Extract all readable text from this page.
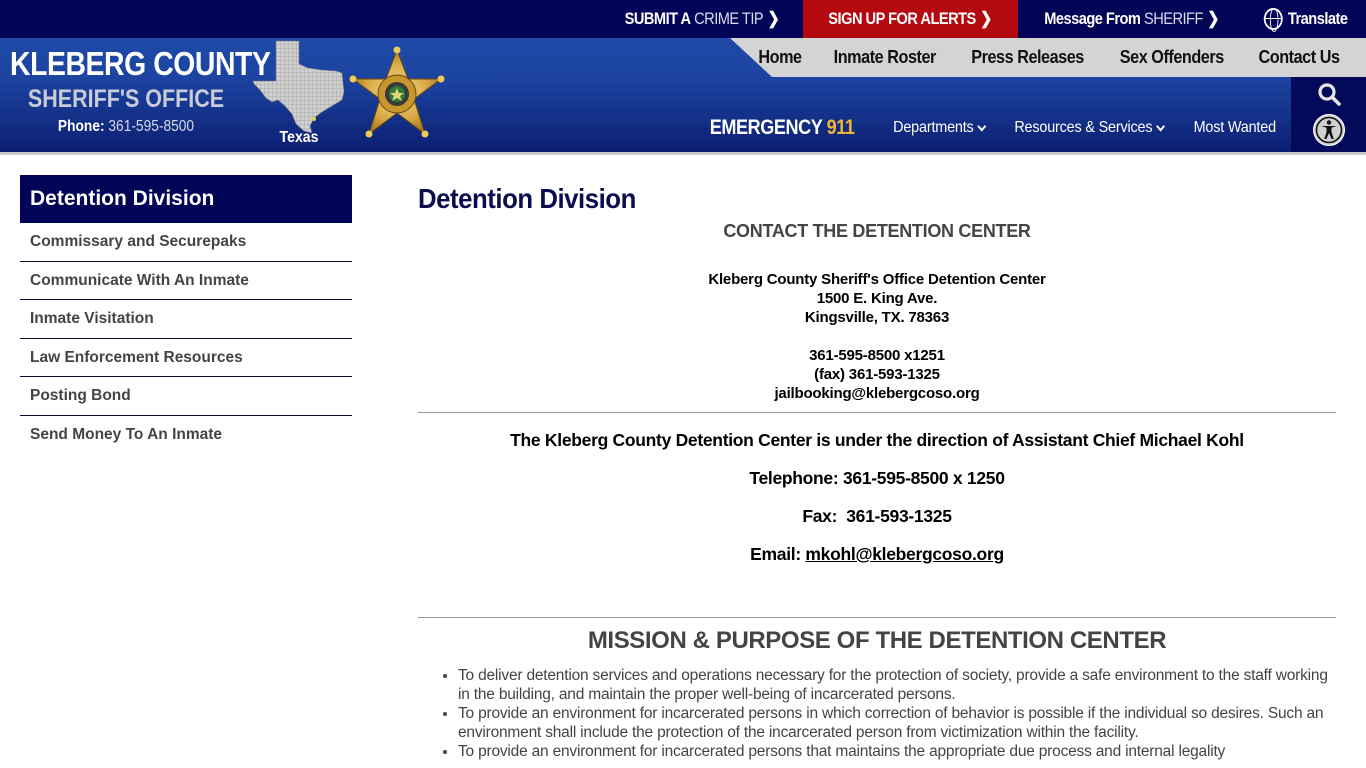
SUBMIT A
CRIME TIP ❯	SIGN UP FOR ALERTS ❯	Message From
SHERIFF ❯	Translate
Home	Inmate Roster	Press Releases	Sex Offenders	Contact Us
KLEBERG COUNTY
SHERIFF'S OFFICE
Phone: 361-595-8500
Texas	EMERGENCY 911	Departments	Resources & Services	Most Wanted
Detention Division
Commissary and Securepaks
Communicate With An Inmate
Inmate Visitation
Law Enforcement Resources
Posting Bond
Send Money To An Inmate
Detention Division
CONTACT THE DETENTION CENTER
Kleberg County Sheriff's Office Detention Center
1500 E. King Ave.
Kingsville, TX. 78363
361-595-8500 x1251
(fax) 361-593-1325
jailbooking@klebergcoso.org
The Kleberg County Detention Center is under the direction of Assistant Chief Michael Kohl
Telephone: 361-595-8500 x 1250
Fax:  361-593-1325
Email: mkohl@klebergcoso.org
MISSION & PURPOSE OF THE DETENTION CENTER
• To deliver detention services and operations necessary for the protection of society, provide a safe environment to the staff working in the building, and maintain the proper well-being of incarcerated persons.
• To provide an environment for incarcerated persons in which correction of behavior is possible if the individual so desires. Such an environment shall include the protection of the incarcerated person from victimization within the facility.
• To provide an environment for incarcerated persons that maintains the appropriate due process and internal legality
